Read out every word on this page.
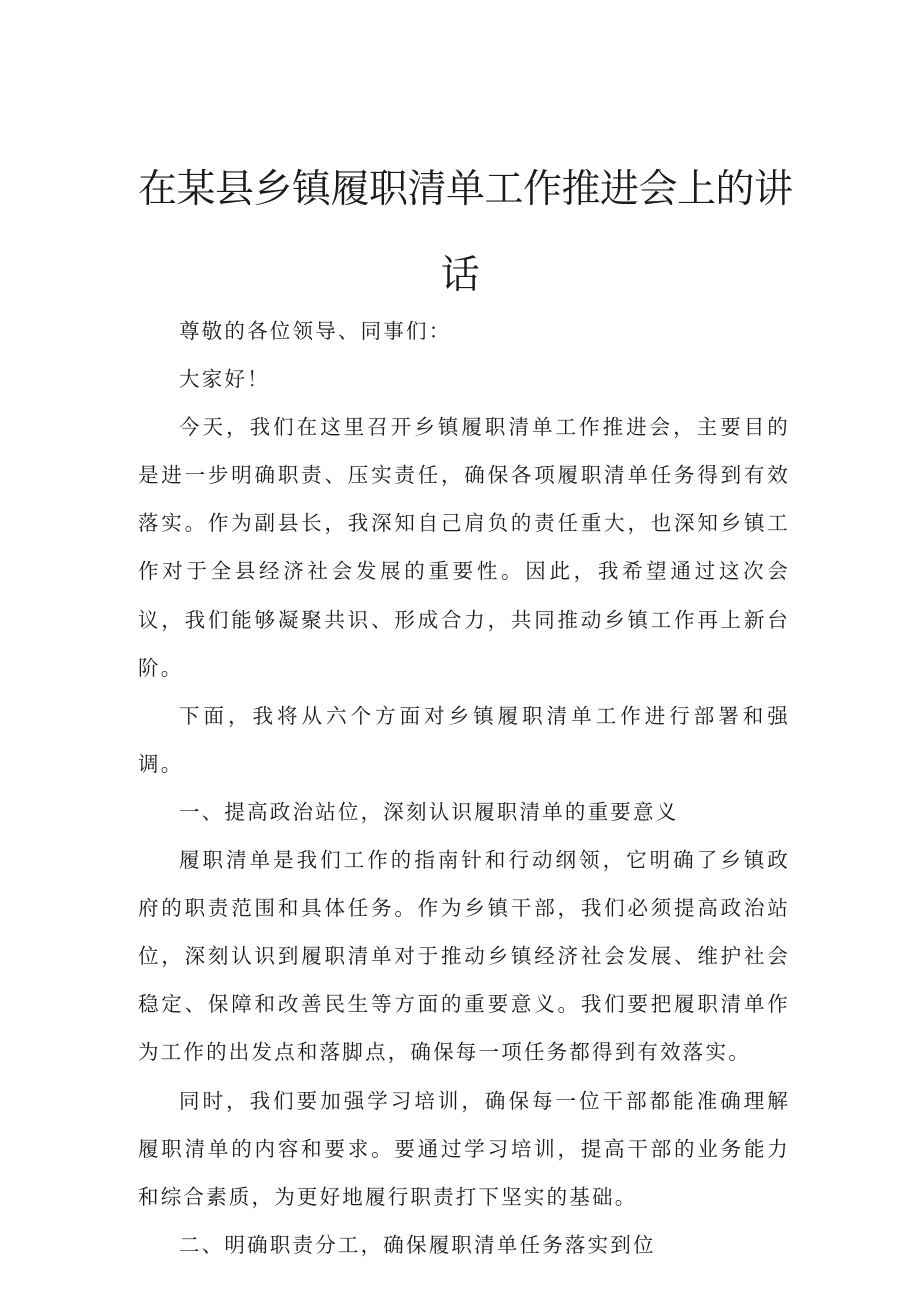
在某县乡镇履职清单工作推进会上的讲
话

尊敬的各位领导、同事们：

大家好！

今天，我们在这里召开乡镇履职清单工作推进会，主要目的是进一步明确职责、压实责任，确保各项履职清单任务得到有效落实。作为副县长，我深知自己肩负的责任重大，也深知乡镇工作对于全县经济社会发展的重要性。因此，我希望通过这次会议，我们能够凝聚共识、形成合力，共同推动乡镇工作再上新台阶。

下面，我将从六个方面对乡镇履职清单工作进行部署和强调。

一、提高政治站位，深刻认识履职清单的重要意义

履职清单是我们工作的指南针和行动纲领，它明确了乡镇政府的职责范围和具体任务。作为乡镇干部，我们必须提高政治站位，深刻认识到履职清单对于推动乡镇经济社会发展、维护社会稳定、保障和改善民生等方面的重要意义。我们要把履职清单作为工作的出发点和落脚点，确保每一项任务都得到有效落实。

同时，我们要加强学习培训，确保每一位干部都能准确理解履职清单的内容和要求。要通过学习培训，提高干部的业务能力和综合素质，为更好地履行职责打下坚实的基础。

二、明确职责分工，确保履职清单任务落实到位
